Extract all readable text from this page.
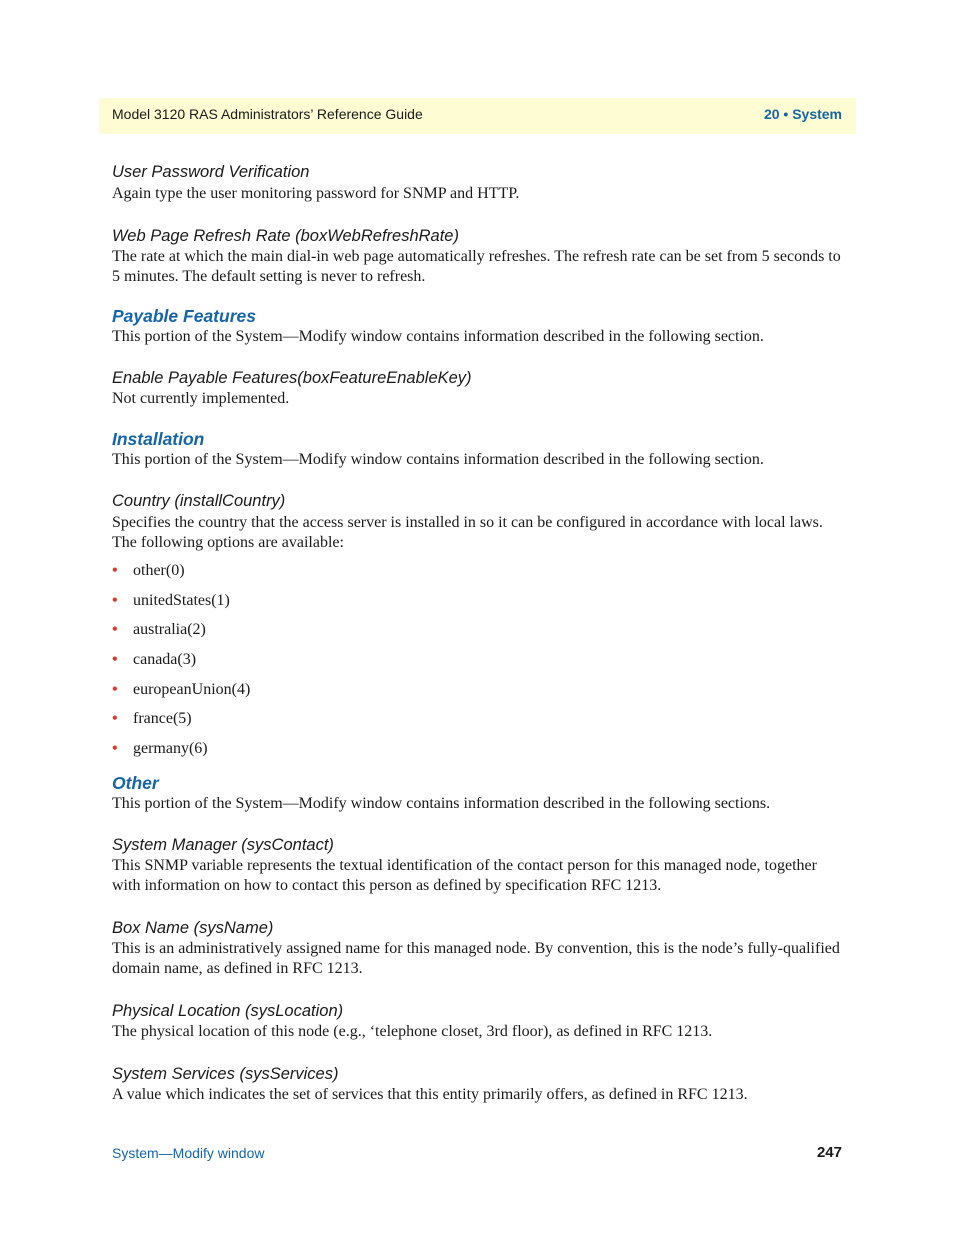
Model 3120 RAS Administrators’ Reference Guide	20 • System
User Password Verification

Again type the user monitoring password for SNMP and HTTP.

Web Page Refresh Rate (boxWebRefreshRate)

The rate at which the main dial-in web page automatically refreshes. The refresh rate can be set from 5 seconds to 5 minutes. The default setting is never to refresh.

Payable Features

This portion of the System—Modify window contains information described in the following section.

Enable Payable Features(boxFeatureEnableKey)

Not currently implemented.

Installation

This portion of the System—Modify window contains information described in the following section.

Country (installCountry)

Specifies the country that the access server is installed in so it can be configured in accordance with local laws. The following options are available:

• other(0)
• unitedStates(1)
• australia(2)
• canada(3)
• europeanUnion(4)
• france(5)
• germany(6)
Other

This portion of the System—Modify window contains information described in the following sections.

System Manager (sysContact)

This SNMP variable represents the textual identification of the contact person for this managed node, together with information on how to contact this person as defined by specification RFC 1213.

Box Name (sysName)

This is an administratively assigned name for this managed node. By convention, this is the node’s fully-qualified domain name, as defined in RFC 1213.

Physical Location (sysLocation)

The physical location of this node (e.g., ‘telephone closet, 3rd floor), as defined in RFC 1213.

System Services (sysServices)

A value which indicates the set of services that this entity primarily offers, as defined in RFC 1213.

System—Modify window	247
